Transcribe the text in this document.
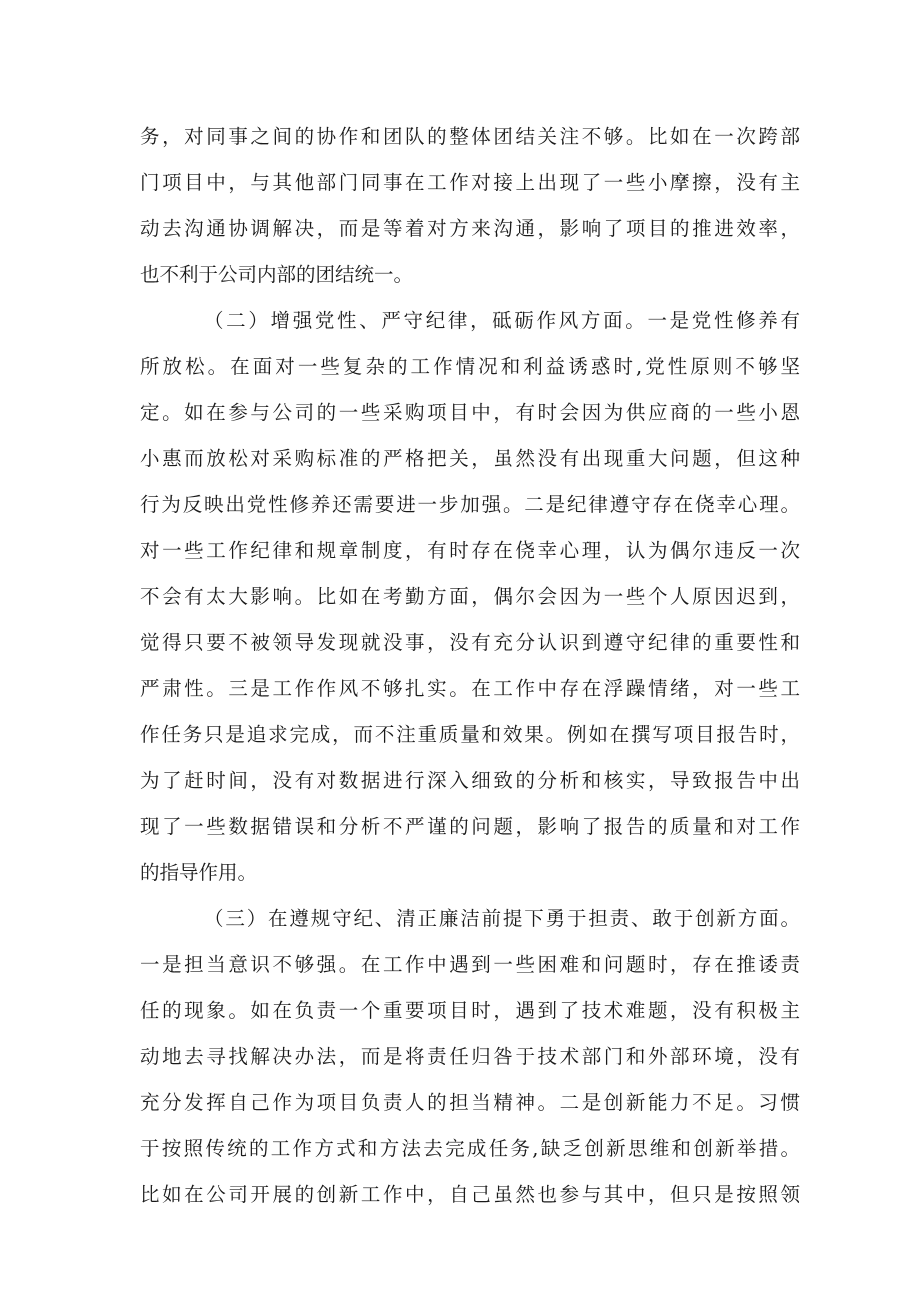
务，对同事之间的协作和团队的整体团结关注不够。比如在一次跨部
门项目中，与其他部门同事在工作对接上出现了一些小摩擦，没有主
动去沟通协调解决，而是等着对方来沟通，影响了项目的推进效率，
也不利于公司内部的团结统一。
（二）增强党性、严守纪律，砥砺作风方面。一是党性修养有
所放松。在面对一些复杂的工作情况和利益诱惑时,党性原则不够坚
定。如在参与公司的一些采购项目中，有时会因为供应商的一些小恩
小惠而放松对采购标准的严格把关，虽然没有出现重大问题，但这种
行为反映出党性修养还需要进一步加强。二是纪律遵守存在侥幸心理。
对一些工作纪律和规章制度，有时存在侥幸心理，认为偶尔违反一次
不会有太大影响。比如在考勤方面，偶尔会因为一些个人原因迟到，
觉得只要不被领导发现就没事，没有充分认识到遵守纪律的重要性和
严肃性。三是工作作风不够扎实。在工作中存在浮躁情绪，对一些工
作任务只是追求完成，而不注重质量和效果。例如在撰写项目报告时，
为了赶时间，没有对数据进行深入细致的分析和核实，导致报告中出
现了一些数据错误和分析不严谨的问题，影响了报告的质量和对工作
的指导作用。
（三）在遵规守纪、清正廉洁前提下勇于担责、敢于创新方面。
一是担当意识不够强。在工作中遇到一些困难和问题时，存在推诿责
任的现象。如在负责一个重要项目时，遇到了技术难题，没有积极主
动地去寻找解决办法，而是将责任归咎于技术部门和外部环境，没有
充分发挥自己作为项目负责人的担当精神。二是创新能力不足。习惯
于按照传统的工作方式和方法去完成任务,缺乏创新思维和创新举措。
比如在公司开展的创新工作中，自己虽然也参与其中，但只是按照领
